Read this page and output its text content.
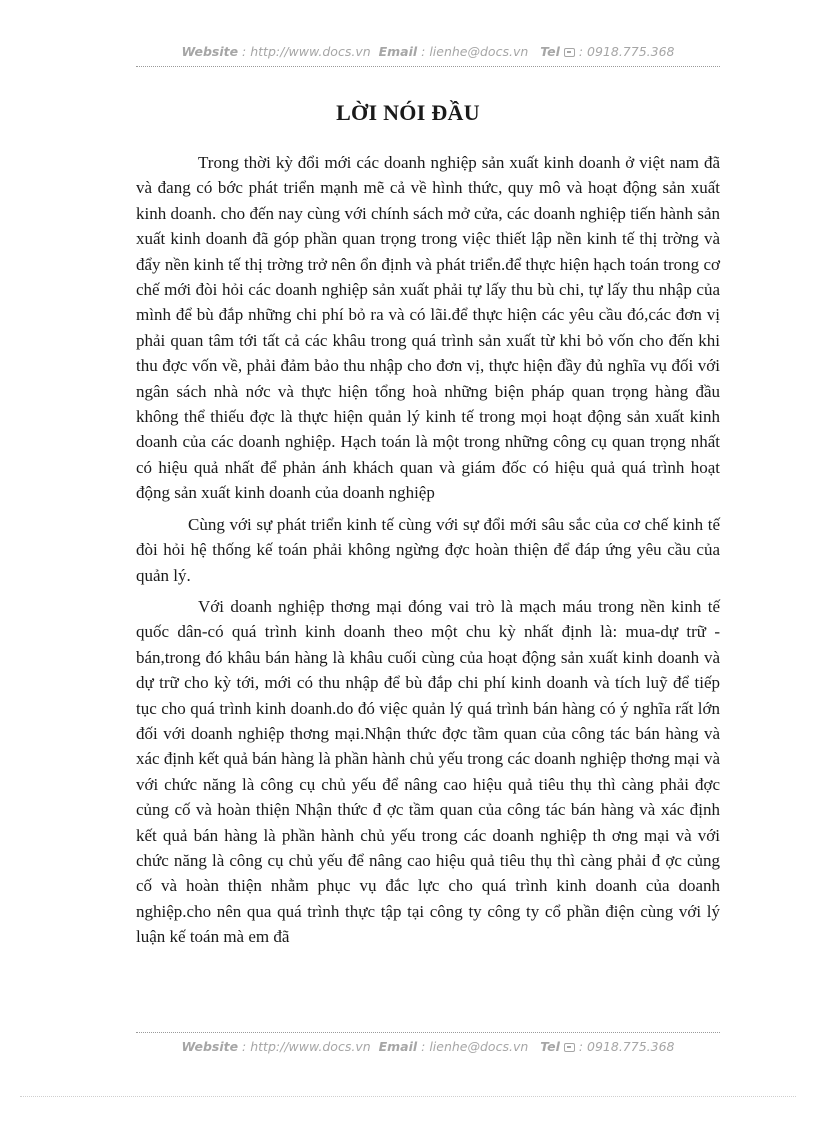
Website : http://www.docs.vn Email : lienhe@docs.vn Tel  : 0918.775.368
LỜI NÓI ĐẦU

Trong thời kỳ đổi mới các doanh nghiệp sản xuất kinh doanh ở việt nam đã và đang có bớc phát triển mạnh mẽ cả về hình thức, quy mô và hoạt động sản xuất kinh doanh. cho đến nay cùng với chính sách mở cửa, các doanh nghiệp tiến hành sản xuất kinh doanh đã góp phần quan trọng trong việc thiết lập nền kinh tế thị trờng và đẩy nền kinh tế thị trờng trở nên ổn định và phát triển.để thực hiện hạch toán trong cơ chế mới đòi hỏi các doanh nghiệp sản xuất phải tự lấy thu bù chi, tự lấy thu nhập của mình để bù đắp những chi phí bỏ ra và có lãi.để thực hiện các yêu cầu đó,các đơn vị phải quan tâm tới tất cả các khâu trong quá trình sản xuất từ khi bỏ vốn cho đến khi thu đợc vốn về, phải đảm bảo thu nhập cho đơn vị, thực hiện đầy đủ nghĩa vụ đối với ngân sách nhà nớc và thực hiện tổng hoà những biện pháp quan trọng hàng đầu không thể thiếu đợc là thực hiện quản lý kinh tế trong mọi hoạt động sản xuất kinh doanh của các doanh nghiệp. Hạch toán là một trong những công cụ quan trọng nhất có hiệu quả nhất để phản ánh khách quan và giám đốc có hiệu quả quá trình hoạt động sản xuất kinh doanh của doanh nghiệp

Cùng với sự phát triển kinh tế cùng với sự đổi mới sâu sắc của cơ chế kinh tế đòi hỏi hệ thống kế toán phải không ngừng đợc hoàn thiện để đáp ứng yêu cầu của quản lý.

Với doanh nghiệp thơng mại đóng vai trò là mạch máu trong nền kinh tế quốc dân-có quá trình kinh doanh theo một chu kỳ nhất định là: mua-dự trữ -bán,trong đó khâu bán hàng là khâu cuối cùng của hoạt động sản xuất kinh doanh và dự trữ cho kỳ tới, mới có thu nhập để bù đắp chi phí kinh doanh và tích luỹ để tiếp tục cho quá trình kinh doanh.do đó việc quản lý quá trình bán hàng có ý nghĩa rất lớn đối với doanh nghiệp thơng mại.Nhận thức đợc tầm quan của công tác bán hàng và xác định kết quả bán hàng là phần hành chủ yếu trong các doanh nghiệp thơng mại và với chức năng là công cụ chủ yếu để nâng cao hiệu quả tiêu thụ thì càng phải đợc củng cố và hoàn thiện Nhận thức đ ợc tầm quan của công tác bán hàng và xác định kết quả bán hàng là phần hành chủ yếu trong các doanh nghiệp th ơng mại và với chức năng là công cụ chủ yếu để nâng cao hiệu quả tiêu thụ thì càng phải đ ợc củng cố và hoàn thiện nhằm phục vụ đắc lực cho quá trình kinh doanh của doanh nghiệp.cho nên qua quá trình thực tập tại công ty công ty cổ phần điện cùng với lý luận kế toán mà em đã

Website : http://www.docs.vn Email : lienhe@docs.vn Tel  : 0918.775.368
